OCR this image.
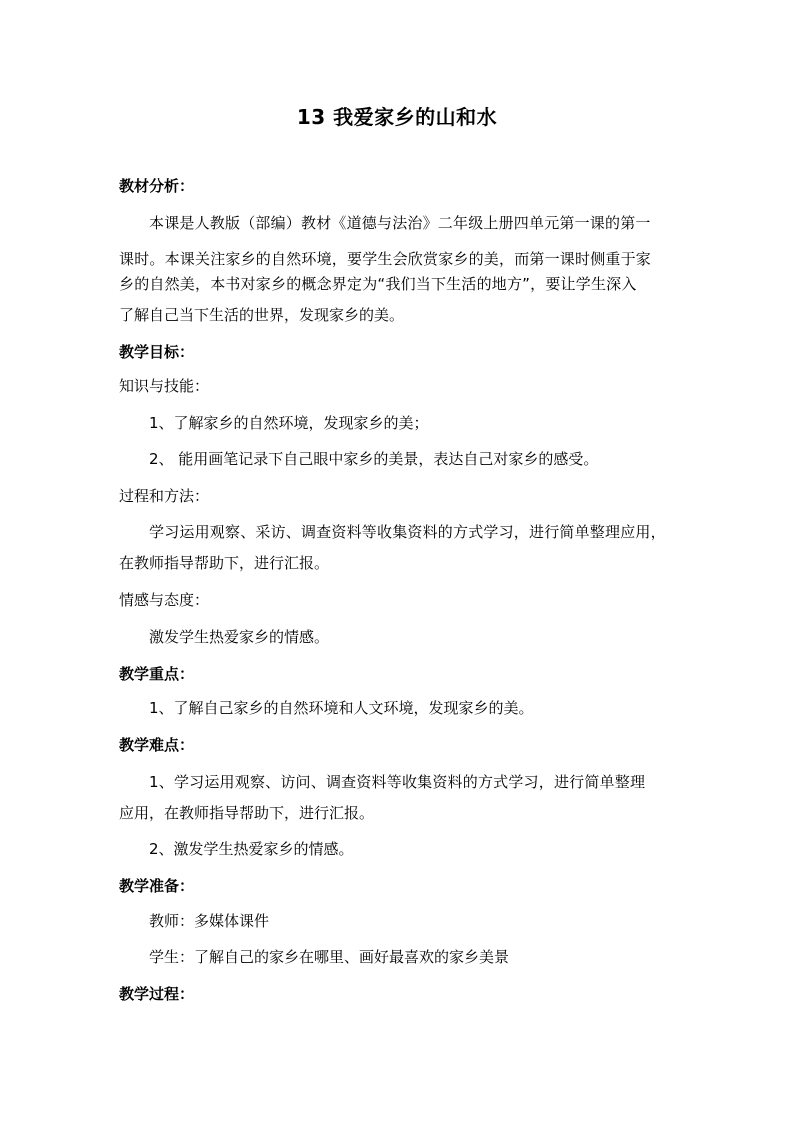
13 我爱家乡的山和水
教材分析：
本课是人教版（部编）教材《道德与法治》二年级上册四单元第一课的第一
课时。本课关注家乡的自然环境，要学生会欣赏家乡的美，而第一课时侧重于家
乡的自然美，本书对家乡的概念界定为“我们当下生活的地方”，要让学生深入
了解自己当下生活的世界，发现家乡的美。
教学目标：
知识与技能：
1、了解家乡的自然环境，发现家乡的美；
2、 能用画笔记录下自己眼中家乡的美景，表达自己对家乡的感受。
过程和方法：
学习运用观察、采访、调查资料等收集资料的方式学习，进行简单整理应用，
在教师指导帮助下，进行汇报。
情感与态度：
激发学生热爱家乡的情感。
教学重点：
1、了解自己家乡的自然环境和人文环境，发现家乡的美。
教学难点：
1、学习运用观察、访问、调查资料等收集资料的方式学习，进行简单整理
应用，在教师指导帮助下，进行汇报。
2、激发学生热爱家乡的情感。
教学准备：
教师：多媒体课件
学生：了解自己的家乡在哪里、画好最喜欢的家乡美景
教学过程：
